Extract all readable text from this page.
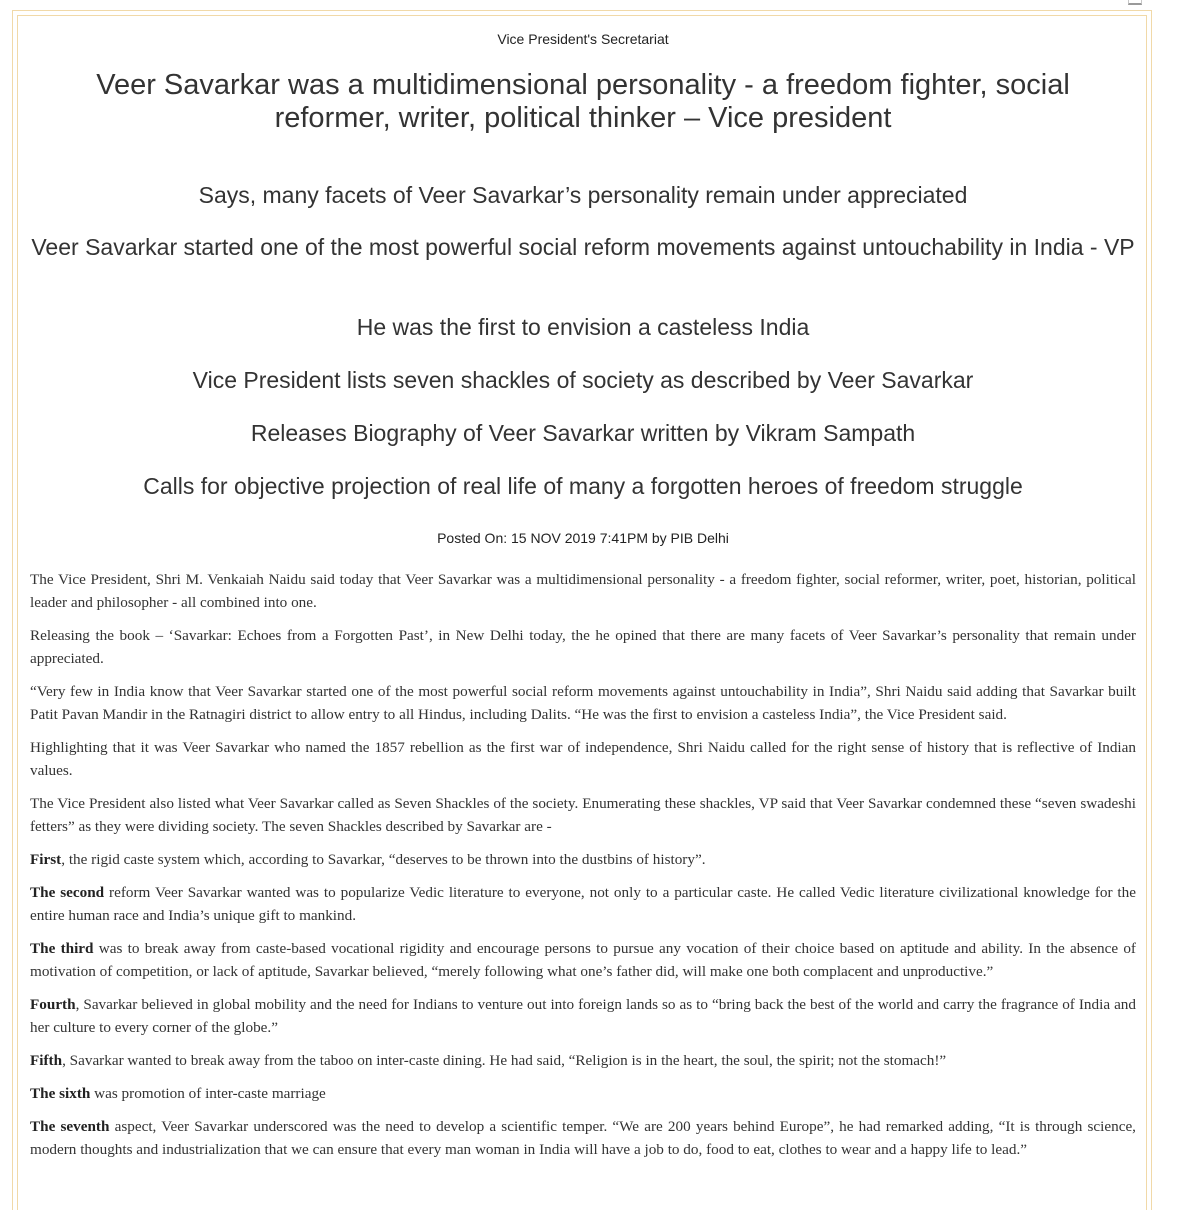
Vice President's Secretariat
Veer Savarkar was a multidimensional personality - a freedom fighter, social reformer, writer, political thinker – Vice president
Says, many facets of Veer Savarkar’s personality remain under appreciated
Veer Savarkar started one of the most powerful social reform movements against untouchability in India - VP
He was the first to envision a casteless India
Vice President lists seven shackles of society as described by Veer Savarkar
Releases Biography of Veer Savarkar written by Vikram Sampath
Calls for objective projection of real life of many a forgotten heroes of freedom struggle
Posted On: 15 NOV 2019 7:41PM by PIB Delhi

The Vice President, Shri M. Venkaiah Naidu said today that Veer Savarkar was a multidimensional personality - a freedom fighter, social reformer, writer, poet, historian, political leader and philosopher - all combined into one.

Releasing the book – ‘Savarkar: Echoes from a Forgotten Past’, in New Delhi today, the he opined that there are many facets of Veer Savarkar’s personality that remain under appreciated.

“Very few in India know that Veer Savarkar started one of the most powerful social reform movements against untouchability in India”, Shri Naidu said adding that Savarkar built Patit Pavan Mandir in the Ratnagiri district to allow entry to all Hindus, including Dalits. “He was the first to envision a casteless India”, the Vice President said.

Highlighting that it was Veer Savarkar who named the 1857 rebellion as the first war of independence, Shri Naidu called for the right sense of history that is reflective of Indian values.

The Vice President also listed what Veer Savarkar called as Seven Shackles of the society. Enumerating these shackles, VP said that Veer Savarkar condemned these “seven swadeshi fetters” as they were dividing society. The seven Shackles described by Savarkar are -

First, the rigid caste system which, according to Savarkar, “deserves to be thrown into the dustbins of history”.

The second reform Veer Savarkar wanted was to popularize Vedic literature to everyone, not only to a particular caste. He called Vedic literature civilizational knowledge for the entire human race and India’s unique gift to mankind.

The third was to break away from caste-based vocational rigidity and encourage persons to pursue any vocation of their choice based on aptitude and ability. In the absence of motivation of competition, or lack of aptitude, Savarkar believed, “merely following what one’s father did, will make one both complacent and unproductive.”

Fourth, Savarkar believed in global mobility and the need for Indians to venture out into foreign lands so as to “bring back the best of the world and carry the fragrance of India and her culture to every corner of the globe.”

Fifth, Savarkar wanted to break away from the taboo on inter-caste dining. He had said, “Religion is in the heart, the soul, the spirit; not the stomach!”

The sixth was promotion of inter-caste marriage

The seventh aspect, Veer Savarkar underscored was the need to develop a scientific temper. “We are 200 years behind Europe”, he had remarked adding, “It is through science, modern thoughts and industrialization that we can ensure that every man woman in India will have a job to do, food to eat, clothes to wear and a happy life to lead.”
